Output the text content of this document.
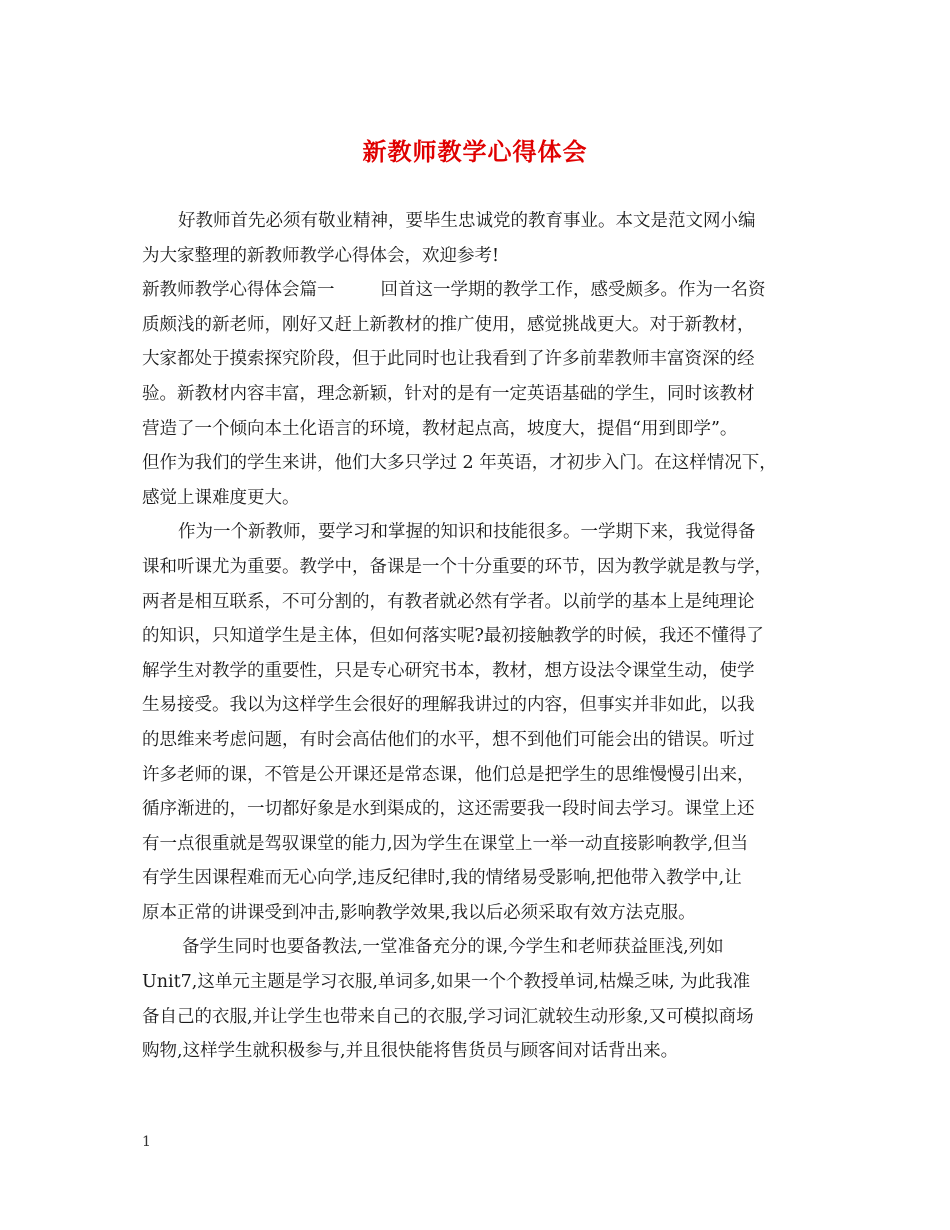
新教师教学心得体会
好教师首先必须有敬业精神，要毕生忠诚党的教育事业。本文是范文网小编
为大家整理的新教师教学心得体会，欢迎参考!
新教师教学心得体会篇一	回首这一学期的教学工作，感受颇多。作为一名资
质颇浅的新老师，刚好又赶上新教材的推广使用，感觉挑战更大。对于新教材，
大家都处于摸索探究阶段，但于此同时也让我看到了许多前辈教师丰富资深的经
验。新教材内容丰富，理念新颖，针对的是有一定英语基础的学生，同时该教材
营造了一个倾向本土化语言的环境，教材起点高，坡度大，提倡“用到即学”。
但作为我们的学生来讲，他们大多只学过 2 年英语，才初步入门。在这样情况下，
感觉上课难度更大。
作为一个新教师，要学习和掌握的知识和技能很多。一学期下来，我觉得备
课和听课尤为重要。教学中，备课是一个十分重要的环节，因为教学就是教与学，
两者是相互联系，不可分割的，有教者就必然有学者。以前学的基本上是纯理论
的知识，只知道学生是主体，但如何落实呢?最初接触教学的时候，我还不懂得了
解学生对教学的重要性，只是专心研究书本，教材，想方设法令课堂生动，使学
生易接受。我以为这样学生会很好的理解我讲过的内容，但事实并非如此，以我
的思维来考虑问题，有时会高估他们的水平，想不到他们可能会出的错误。听过
许多老师的课，不管是公开课还是常态课，他们总是把学生的思维慢慢引出来，
循序渐进的，一切都好象是水到渠成的，这还需要我一段时间去学习。课堂上还
有一点很重就是驾驭课堂的能力,因为学生在课堂上一举一动直接影响教学,但当
有学生因课程难而无心向学,违反纪律时,我的情绪易受影响,把他带入教学中,让
原本正常的讲课受到冲击,影响教学效果,我以后必须采取有效方法克服。
备学生同时也要备教法,一堂准备充分的课,今学生和老师获益匪浅,列如
Unit7,这单元主题是学习衣服,单词多,如果一个个教授单词,枯燥乏味, 为此我准
备自己的衣服,并让学生也带来自己的衣服,学习词汇就较生动形象,又可模拟商场
购物,这样学生就积极参与,并且很快能将售货员与顾客间对话背出来。
1
